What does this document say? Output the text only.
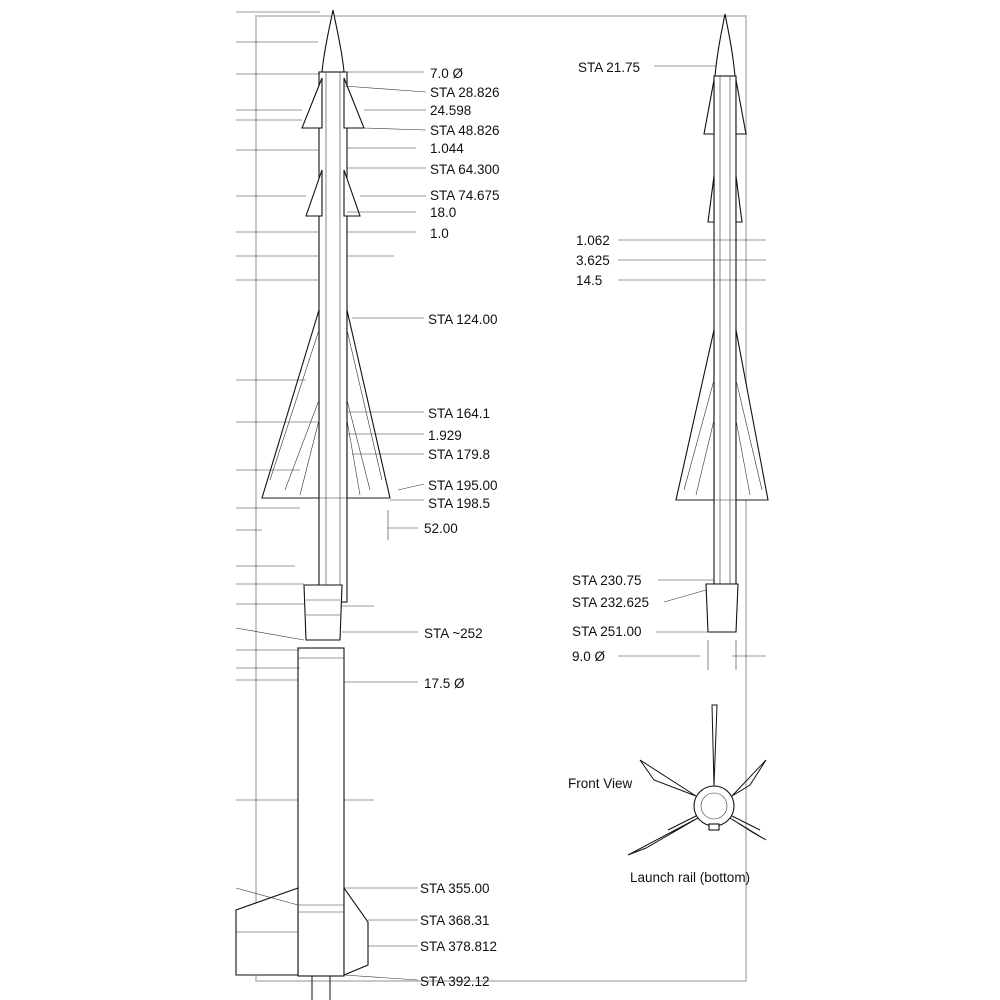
7.0 Ø
STA 28.826
24.598
STA 48.826
1.044
STA 64.300
STA 74.675
18.0
1.0
STA 124.00
STA 164.1
1.929
STA 179.8
STA 195.00
STA 198.5
52.00
STA ~252
17.5 Ø
STA 355.00
STA 368.31
STA 378.812
STA 392.12
STA 21.75
1.062
3.625
14.5
STA 230.75
STA 232.625
STA 251.00
9.0 Ø
Front View
Launch rail (bottom)
